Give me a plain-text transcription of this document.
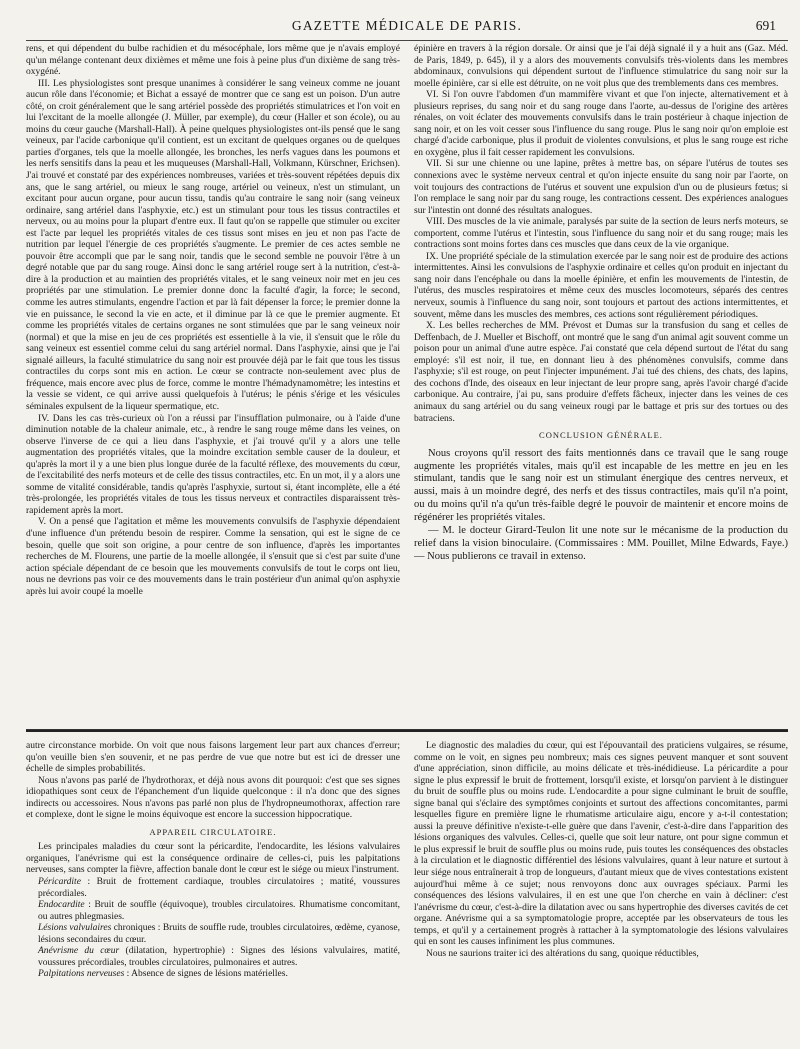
GAZETTE MÉDICALE DE PARIS.	691

rens, et qui dépendent du bulbe rachidien et du mésocéphale, lors même que je n'avais employé qu'un mélange contenant deux dixièmes et même une fois à peine plus d'un dixième de sang très-oxygéné.

III. Les physiologistes sont presque unanimes à considérer le sang veineux comme ne jouant aucun rôle dans l'économie; et Bichat a essayé de montrer que ce sang est un poison. D'un autre côté, on croit généralement que le sang artériel possède des propriétés stimulatrices et l'on voit en lui l'excitant de la moelle allongée (J. Müller, par exemple), du cœur (Haller et son école), ou au moins du cœur gauche (Marshall-Hall). À peine quelques physiologistes ont-ils pensé que le sang veineux, par l'acide carbonique qu'il contient, est un excitant de quelques organes ou de quelques parties d'organes, tels que la moelle allongée, les bronches, les nerfs vagues dans les poumons et les nerfs sensitifs dans la peau et les muqueuses (Marshall-Hall, Volkmann, Kürschner, Erichsen). J'ai trouvé et constaté par des expériences nombreuses, variées et très-souvent répétées depuis dix ans, que le sang artériel, ou mieux le sang rouge, artériel ou veineux, n'est un stimulant, un excitant pour aucun organe, pour aucun tissu, tandis qu'au contraire le sang noir (sang veineux ordinaire, sang artériel dans l'asphyxie, etc.) est un stimulant pour tous les tissus contractiles et nerveux, ou au moins pour la plupart d'entre eux. Il faut qu'on se rappelle que stimuler ou exciter est l'acte par lequel les propriétés vitales de ces tissus sont mises en jeu et non pas l'acte de nutrition par lequel l'énergie de ces propriétés s'augmente. Le premier de ces actes semble ne pouvoir être accompli que par le sang noir, tandis que le second semble ne pouvoir l'être à un degré notable que par du sang rouge. Ainsi donc le sang artériel rouge sert à la nutrition, c'est-à-dire à la production et au maintien des propriétés vitales, et le sang veineux noir met en jeu ces propriétés par une stimulation. Le premier donne donc la faculté d'agir, la force; le second, comme les autres stimulants, engendre l'action et par là fait dépenser la force; le premier donne la vie en puissance, le second la vie en acte, et il diminue par là ce que le premier augmente. Et comme les propriétés vitales de certains organes ne sont stimulées que par le sang veineux noir (normal) et que la mise en jeu de ces propriétés est essentielle à la vie, il s'ensuit que le rôle du sang veineux est essentiel comme celui du sang artériel normal. Dans l'asphyxie, ainsi que je l'ai signalé ailleurs, la faculté stimulatrice du sang noir est prouvée déjà par le fait que tous les tissus contractiles du corps sont mis en action. Le cœur se contracte non-seulement avec plus de fréquence, mais encore avec plus de force, comme le montre l'hémadynamomètre; les intestins et la vessie se vident, ce qui arrive aussi quelquefois à l'utérus; le pénis s'érige et les vésicules séminales expulsent de la liqueur spermatique, etc.

IV. Dans les cas très-curieux où l'on a réussi par l'insufflation pulmonaire, ou à l'aide d'une diminution notable de la chaleur animale, etc., à rendre le sang rouge même dans les veines, on observe l'inverse de ce qui a lieu dans l'asphyxie, et j'ai trouvé qu'il y a alors une telle augmentation des propriétés vitales, que la moindre excitation semble causer de la douleur, et qu'après la mort il y a une bien plus longue durée de la faculté réflexe, des mouvements du cœur, de l'excitabilité des nerfs moteurs et de celle des tissus contractiles, etc. En un mot, il y a alors une somme de vitalité considérable, tandis qu'après l'asphyxie, surtout si, étant incomplète, elle a été très-prolongée, les propriétés vitales de tous les tissus nerveux et contractiles disparaissent très-rapidement après la mort.

V. On a pensé que l'agitation et même les mouvements convulsifs de l'asphyxie dépendaient d'une influence d'un prétendu besoin de respirer. Comme la sensation, qui est le signe de ce besoin, quelle que soit son origine, a pour centre de son influence, d'après les importantes recherches de M. Flourens, une partie de la moelle allongée, il s'ensuit que si c'est par suite d'une action spéciale dépendant de ce besoin que les mouvements convulsifs de tout le corps ont lieu, nous ne devrions pas voir ce des mouvements dans le train postérieur d'un animal qu'on asphyxie après lui avoir coupé la moelle

épinière en travers à la région dorsale. Or ainsi que je l'ai déjà signalé il y a huit ans (Gaz. Méd. de Paris, 1849, p. 645), il y a alors des mouvements convulsifs très-violents dans les membres abdominaux, convulsions qui dépendent surtout de l'influence stimulatrice du sang noir sur la moelle épinière, car si elle est détruite, on ne voit plus que des tremblements dans ces membres.

VI. Si l'on ouvre l'abdomen d'un mammifère vivant et que l'on injecte, alternativement et à plusieurs reprises, du sang noir et du sang rouge dans l'aorte, au-dessus de l'origine des artères rénales, on voit éclater des mouvements convulsifs dans le train postérieur à chaque injection de sang noir, et on les voit cesser sous l'influence du sang rouge. Plus le sang noir qu'on emploie est chargé d'acide carbonique, plus il produit de violentes convulsions, et plus le sang rouge est riche en oxygène, plus il fait cesser rapidement les convulsions.

VII. Si sur une chienne ou une lapine, prêtes à mettre bas, on sépare l'utérus de toutes ses connexions avec le système nerveux central et qu'on injecte ensuite du sang noir par l'aorte, on voit toujours des contractions de l'utérus et souvent une expulsion d'un ou de plusieurs fœtus; si l'on remplace le sang noir par du sang rouge, les contractions cessent. Des expériences analogues sur l'intestin ont donné des résultats analogues.

VIII. Des muscles de la vie animale, paralysés par suite de la section de leurs nerfs moteurs, se comportent, comme l'utérus et l'intestin, sous l'influence du sang noir et du sang rouge; mais les contractions sont moins fortes dans ces muscles que dans ceux de la vie organique.

IX. Une propriété spéciale de la stimulation exercée par le sang noir est de produire des actions intermittentes. Ainsi les convulsions de l'asphyxie ordinaire et celles qu'on produit en injectant du sang noir dans l'encéphale ou dans la moelle épinière, et enfin les mouvements de l'intestin, de l'utérus, des muscles respiratoires et même ceux des muscles locomoteurs, séparés des centres nerveux, soumis à l'influence du sang noir, sont toujours et partout des actions intermittentes, et souvent, même dans les muscles des membres, ces actions sont régulièrement périodiques.

X. Les belles recherches de MM. Prévost et Dumas sur la transfusion du sang et celles de Deffenbach, de J. Mueller et Bischoff, ont montré que le sang d'un animal agit souvent comme un poison pour un animal d'une autre espèce. J'ai constaté que cela dépend surtout de l'état du sang employé: s'il est noir, il tue, en donnant lieu à des phénomènes convulsifs, comme dans l'asphyxie; s'il est rouge, on peut l'injecter impunément. J'ai tué des chiens, des chats, des lapins, des cochons d'Inde, des oiseaux en leur injectant de leur propre sang, après l'avoir chargé d'acide carbonique. Au contraire, j'ai pu, sans produire d'effets fâcheux, injecter dans les veines de ces animaux du sang artériel ou du sang veineux rougi par le battage et pris sur des tortues ou des batraciens.

CONCLUSION GÉNÉRALE.

Nous croyons qu'il ressort des faits mentionnés dans ce travail que le sang rouge augmente les propriétés vitales, mais qu'il est incapable de les mettre en jeu en les stimulant, tandis que le sang noir est un stimulant énergique des centres nerveux, et aussi, mais à un moindre degré, des nerfs et des tissus contractiles, mais qu'il n'a point, ou du moins qu'il n'a qu'un très-faible degré le pouvoir de maintenir et encore moins de régénérer les propriétés vitales.

— M. le docteur Girard-Teulon lit une note sur le mécanisme de la production du relief dans la vision binoculaire. (Commissaires : MM. Pouillet, Milne Edwards, Faye.) — Nous publierons ce travail in extenso.

autre circonstance morbide. On voit que nous faisons largement leur part aux chances d'erreur; qu'on veuille bien s'en souvenir, et ne pas perdre de vue que notre but est ici de dresser une échelle de simples probabilités.

Nous n'avons pas parlé de l'hydrothorax, et déjà nous avons dit pourquoi: c'est que ses signes idiopathiques sont ceux de l'épanchement d'un liquide quelconque : il n'a donc que des signes indirects ou accessoires. Nous n'avons pas parlé non plus de l'hydropneumothorax, affection rare et complexe, dont le signe le moins équivoque est encore la succession hippocratique.

APPAREIL CIRCULATOIRE.

Les principales maladies du cœur sont la péricardite, l'endocardite, les lésions valvulaires organiques, l'anévrisme qui est la conséquence ordinaire de celles-ci, puis les palpitations nerveuses, sans compter la fièvre, affection banale dont le cœur est le siége ou mieux l'instrument.

Péricardite : Bruit de frottement cardiaque, troubles circulatoires ; matité, voussures précordiales.

Endocardite : Bruit de souffle (équivoque), troubles circulatoires. Rhumatisme concomitant, ou autres phlegmasies.

Lésions valvulaires chroniques : Bruits de souffle rude, troubles circulatoires, œdème, cyanose, lésions secondaires du cœur.

Anévrisme du cœur (dilatation, hypertrophie) : Signes des lésions valvulaires, matité, voussures précordiales, troubles circulatoires, pulmonaires et autres.

Palpitations nerveuses : Absence de signes de lésions matérielles.

Le diagnostic des maladies du cœur, qui est l'épouvantail des praticiens vulgaires, se résume, comme on le voit, en signes peu nombreux; mais ces signes peuvent manquer et sont souvent d'une appréciation, sinon difficile, au moins délicate et très-inédidieuse. La péricardite a pour signe le plus expressif le bruit de frottement, lorsqu'il existe, et lorsqu'on parvient à le distinguer du bruit de souffle plus ou moins rude. L'endocardite a pour signe culminant le bruit de souffle, signe banal qui s'éclaire des symptômes conjoints et surtout des affections concomitantes, parmi lesquelles figure en première ligne le rhumatisme articulaire aigu, encore y a-t-il contestation; aussi la preuve définitive n'existe-t-elle guère que dans l'avenir, c'est-à-dire dans l'apparition des lésions organiques des valvules. Celles-ci, quelle que soit leur nature, ont pour signe commun et le plus expressif le bruit de souffle plus ou moins rude, puis toutes les conséquences des obstacles à la circulation et le diagnostic différentiel des lésions valvulaires, quant à leur nature et surtout à leur siége nous entraînerait à trop de longueurs, d'autant mieux que de vives contestations existent aujourd'hui même à ce sujet; nous renvoyons donc aux ouvrages spéciaux. Parmi les conséquences des lésions valvulaires, il en est une que l'on cherche en vain à décliner: c'est l'anévrisme du cœur, c'est-à-dire la dilatation avec ou sans hypertrophie des diverses cavités de cet organe. Anévrisme qui a sa symptomatologie propre, acceptée par les observateurs de tous les temps, et qu'il y a certainement progrès à rattacher à la symptomatologie des lésions valvulaires qui en sont les causes infiniment les plus communes.

Nous ne saurions traiter ici des altérations du sang, quoique réductibles,
